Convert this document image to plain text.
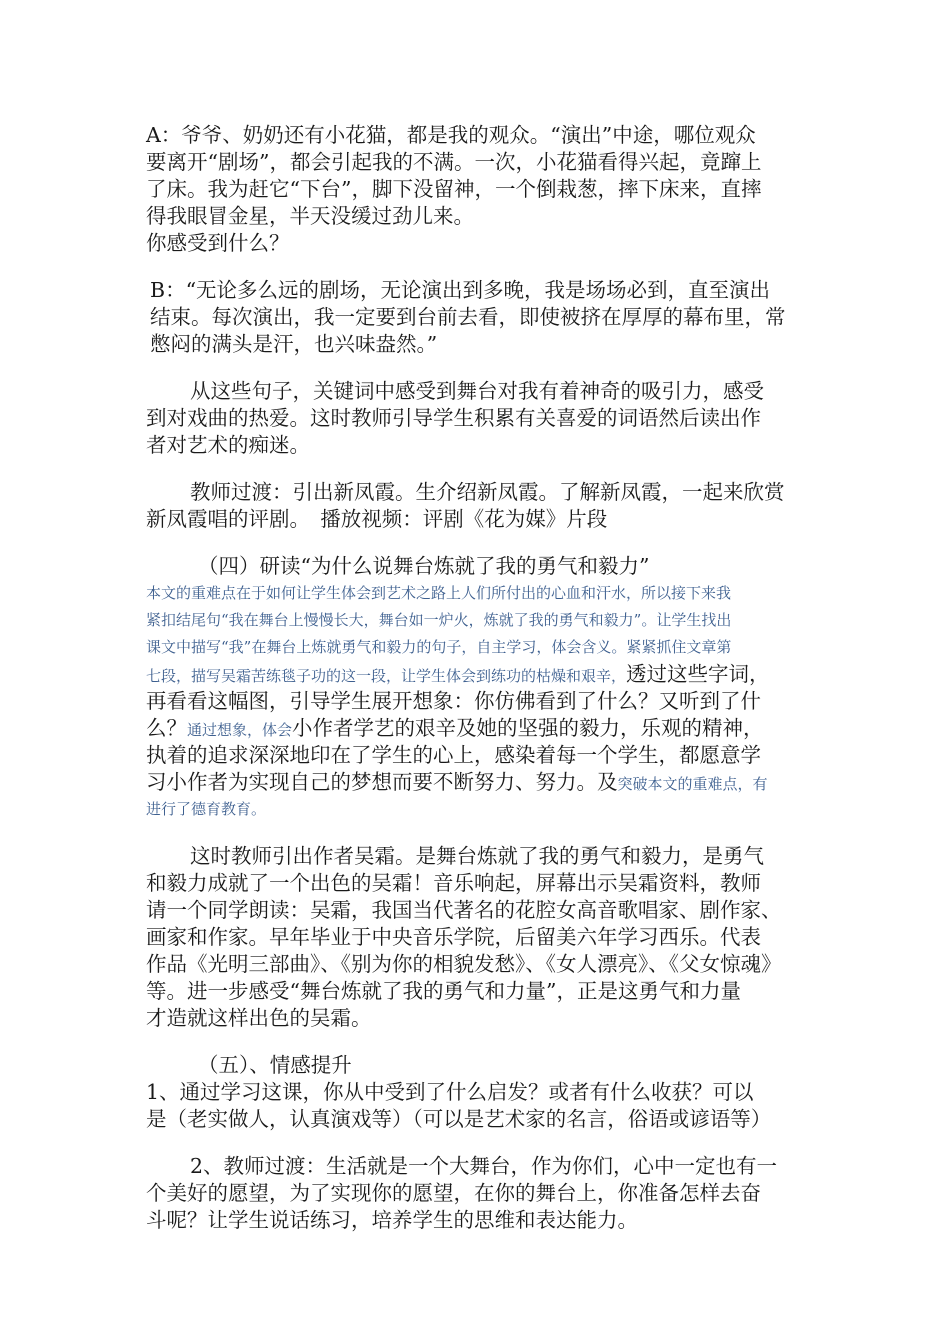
A：爷爷、奶奶还有小花猫，都是我的观众。“演出”中途，哪位观众
要离开“剧场”，都会引起我的不满。一次，小花猫看得兴起，竟蹿上
了床。我为赶它“下台”，脚下没留神，一个倒栽葱，摔下床来，直摔
得我眼冒金星，半天没缓过劲儿来。
你感受到什么？
B：“无论多么远的剧场，无论演出到多晚，我是场场必到，直至演出
结束。每次演出，我一定要到台前去看，即使被挤在厚厚的幕布里，常
憋闷的满头是汗，也兴味盎然。”
从这些句子，关键词中感受到舞台对我有着神奇的吸引力，感受
到对戏曲的热爱。这时教师引导学生积累有关喜爱的词语然后读出作
者对艺术的痴迷。
教师过渡：引出新凤霞。生介绍新凤霞。了解新凤霞，一起来欣赏
新凤霞唱的评剧。　播放视频：评剧《花为媒》片段
（四）研读“为什么说舞台炼就了我的勇气和毅力”
本文的重难点在于如何让学生体会到艺术之路上人们所付出的心血和汗水，所以接下来我
紧扣结尾句“我在舞台上慢慢长大，舞台如一炉火，炼就了我的勇气和毅力”。让学生找出
课文中描写“我”在舞台上炼就勇气和毅力的句子，自主学习，体会含义。紧紧抓住文章第
七段，描写吴霜苦练毯子功的这一段，让学生体会到练功的枯燥和艰辛，透过这些字词，
再看看这幅图，引导学生展开想象：你仿佛看到了什么？又听到了什
么？通过想象，体会小作者学艺的艰辛及她的坚强的毅力，乐观的精神，
执着的追求深深地印在了学生的心上，感染着每一个学生，都愿意学
习小作者为实现自己的梦想而要不断努力、努力。及突破本文的重难点，有
进行了德育教育。
这时教师引出作者吴霜。是舞台炼就了我的勇气和毅力，是勇气
和毅力成就了一个出色的吴霜！音乐响起，屏幕出示吴霜资料，教师
请一个同学朗读：吴霜，我国当代著名的花腔女高音歌唱家、剧作家、
画家和作家。早年毕业于中央音乐学院，后留美六年学习西乐。代表
作品《光明三部曲》、《别为你的相貌发愁》、《女人漂亮》、《父女惊魂》
等。进一步感受“舞台炼就了我的勇气和力量”，正是这勇气和力量
才造就这样出色的吴霜。
（五）、情感提升
1、通过学习这课，你从中受到了什么启发？或者有什么收获？可以
是（老实做人，认真演戏等）（可以是艺术家的名言，俗语或谚语等）
2、教师过渡：生活就是一个大舞台，作为你们，心中一定也有一
个美好的愿望，为了实现你的愿望，在你的舞台上，你准备怎样去奋
斗呢？让学生说话练习，培养学生的思维和表达能力。
